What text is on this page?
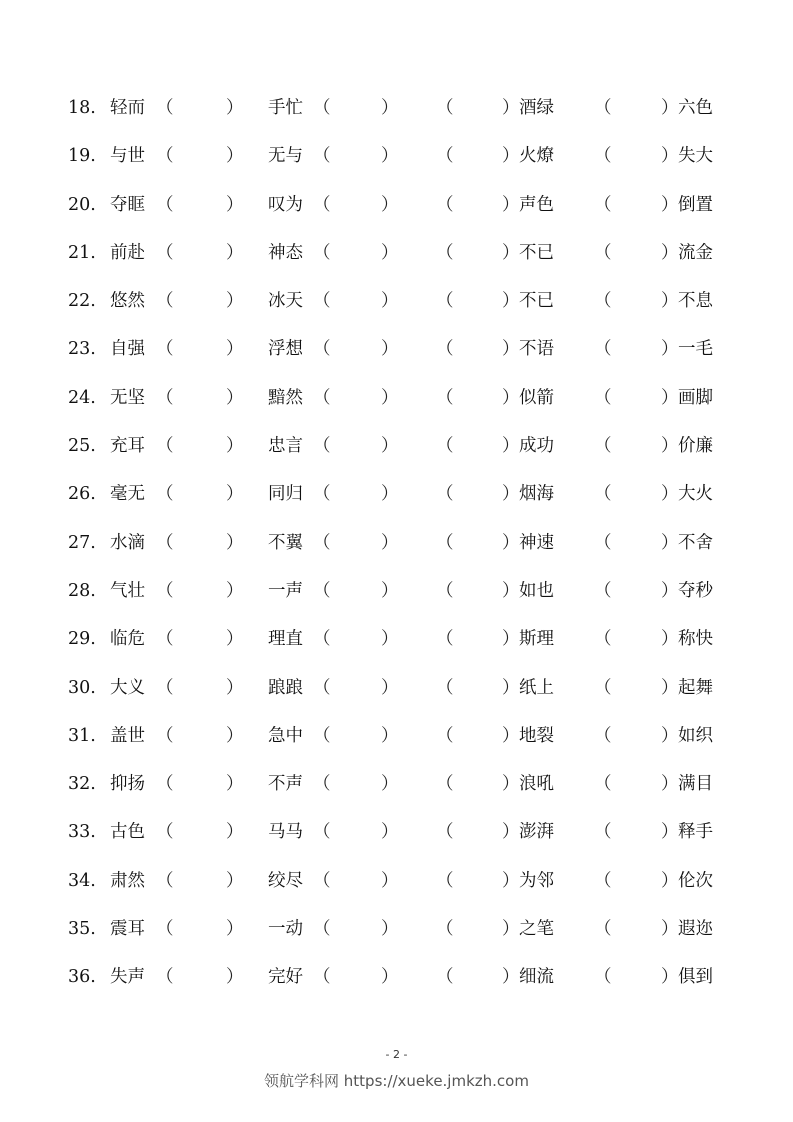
18. 轻而 （	） 手忙 （	） （	） 酒绿 （	） 六色
19. 与世 （	） 无与 （	） （	） 火燎 （	） 失大
20. 夺眶 （	） 叹为 （	） （	） 声色 （	） 倒置
21. 前赴 （	） 神态 （	） （	） 不已 （	） 流金
22. 悠然 （	） 冰天 （	） （	） 不已 （	） 不息
23. 自强 （	） 浮想 （	） （	） 不语 （	） 一毛
24. 无坚 （	） 黯然 （	） （	） 似箭 （	） 画脚
25. 充耳 （	） 忠言 （	） （	） 成功 （	） 价廉
26. 毫无 （	） 同归 （	） （	） 烟海 （	） 大火
27. 水滴 （	） 不翼 （	） （	） 神速 （	） 不舍
28. 气壮 （	） 一声 （	） （	） 如也 （	） 夺秒
29. 临危 （	） 理直 （	） （	） 斯理 （	） 称快
30. 大义 （	） 踉踉 （	） （	） 纸上 （	） 起舞
31. 盖世 （	） 急中 （	） （	） 地裂 （	） 如织
32. 抑扬 （	） 不声 （	） （	） 浪吼 （	） 满目
33. 古色 （	） 马马 （	） （	） 澎湃 （	） 释手
34. 肃然 （	） 绞尽 （	） （	） 为邻 （	） 伦次
35. 震耳 （	） 一动 （	） （	） 之笔 （	） 遐迩
36. 失声 （	） 完好 （	） （	） 细流 （	） 俱到
- 2 -
领航学科网 https://xueke.jmkzh.com
